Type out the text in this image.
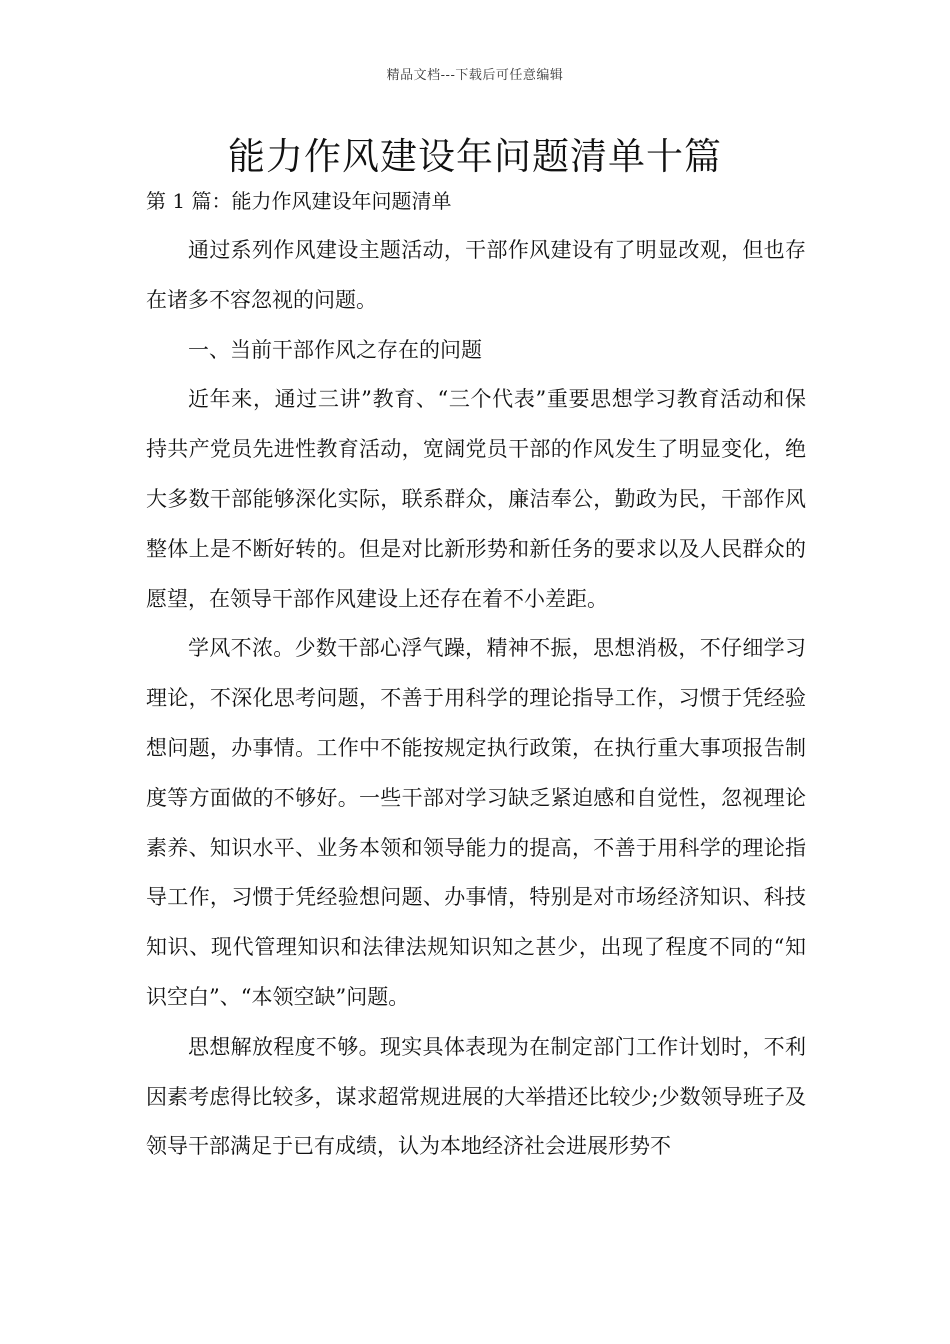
精品文档---下载后可任意编辑
能力作风建设年问题清单十篇

第 1 篇：能力作风建设年问题清单

通过系列作风建设主题活动，干部作风建设有了明显改观，但也存在诸多不容忽视的问题。

一、当前干部作风之存在的问题

近年来，通过三讲”教育、“三个代表”重要思想学习教育活动和保持共产党员先进性教育活动，宽阔党员干部的作风发生了明显变化，绝大多数干部能够深化实际，联系群众，廉洁奉公，勤政为民，干部作风整体上是不断好转的。但是对比新形势和新任务的要求以及人民群众的愿望，在领导干部作风建设上还存在着不小差距。

学风不浓。少数干部心浮气躁，精神不振，思想消极，不仔细学习理论，不深化思考问题，不善于用科学的理论指导工作，习惯于凭经验想问题，办事情。工作中不能按规定执行政策，在执行重大事项报告制度等方面做的不够好。一些干部对学习缺乏紧迫感和自觉性，忽视理论素养、知识水平、业务本领和领导能力的提高，不善于用科学的理论指导工作，习惯于凭经验想问题、办事情，特别是对市场经济知识、科技知识、现代管理知识和法律法规知识知之甚少，出现了程度不同的“知识空白”、“本领空缺”问题。

思想解放程度不够。现实具体表现为在制定部门工作计划时，不利因素考虑得比较多，谋求超常规进展的大举措还比较少;少数领导班子及领导干部满足于已有成绩，认为本地经济社会进展形势不
